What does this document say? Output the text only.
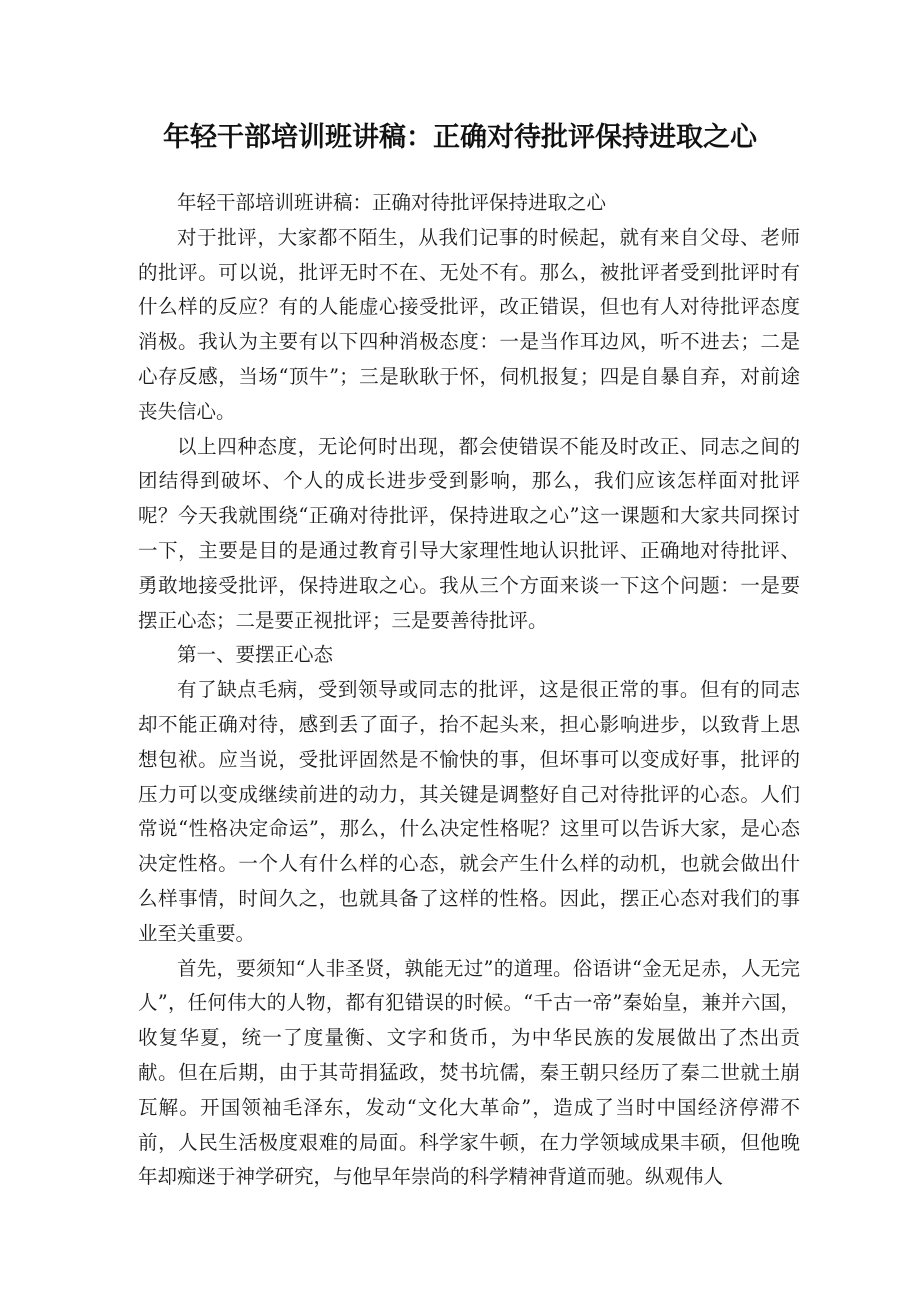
年轻干部培训班讲稿：正确对待批评保持进取之心

年轻干部培训班讲稿：正确对待批评保持进取之心

对于批评，大家都不陌生，从我们记事的时候起，就有来自父母、老师的批评。可以说，批评无时不在、无处不有。那么，被批评者受到批评时有什么样的反应？有的人能虚心接受批评，改正错误，但也有人对待批评态度消极。我认为主要有以下四种消极态度：一是当作耳边风，听不进去；二是心存反感，当场“顶牛”；三是耿耿于怀，伺机报复；四是自暴自弃，对前途丧失信心。

以上四种态度，无论何时出现，都会使错误不能及时改正、同志之间的团结得到破坏、个人的成长进步受到影响，那么，我们应该怎样面对批评呢？今天我就围绕“正确对待批评，保持进取之心”这一课题和大家共同探讨一下，主要是目的是通过教育引导大家理性地认识批评、正确地对待批评、勇敢地接受批评，保持进取之心。我从三个方面来谈一下这个问题：一是要摆正心态；二是要正视批评；三是要善待批评。

第一、要摆正心态

有了缺点毛病，受到领导或同志的批评，这是很正常的事。但有的同志却不能正确对待，感到丢了面子，抬不起头来，担心影响进步，以致背上思想包袱。应当说，受批评固然是不愉快的事，但坏事可以变成好事，批评的压力可以变成继续前进的动力，其关键是调整好自己对待批评的心态。人们常说“性格决定命运”，那么，什么决定性格呢？这里可以告诉大家，是心态决定性格。一个人有什么样的心态，就会产生什么样的动机，也就会做出什么样事情，时间久之，也就具备了这样的性格。因此，摆正心态对我们的事业至关重要。

首先，要须知“人非圣贤，孰能无过”的道理。俗语讲“金无足赤，人无完人”，任何伟大的人物，都有犯错误的时候。“千古一帝”秦始皇，兼并六国，收复华夏，统一了度量衡、文字和货币，为中华民族的发展做出了杰出贡献。但在后期，由于其苛捐猛政，焚书坑儒，秦王朝只经历了秦二世就土崩瓦解。开国领袖毛泽东，发动“文化大革命”，造成了当时中国经济停滞不前，人民生活极度艰难的局面。科学家牛顿，在力学领域成果丰硕，但他晚年却痴迷于神学研究，与他早年崇尚的科学精神背道而驰。纵观伟人
